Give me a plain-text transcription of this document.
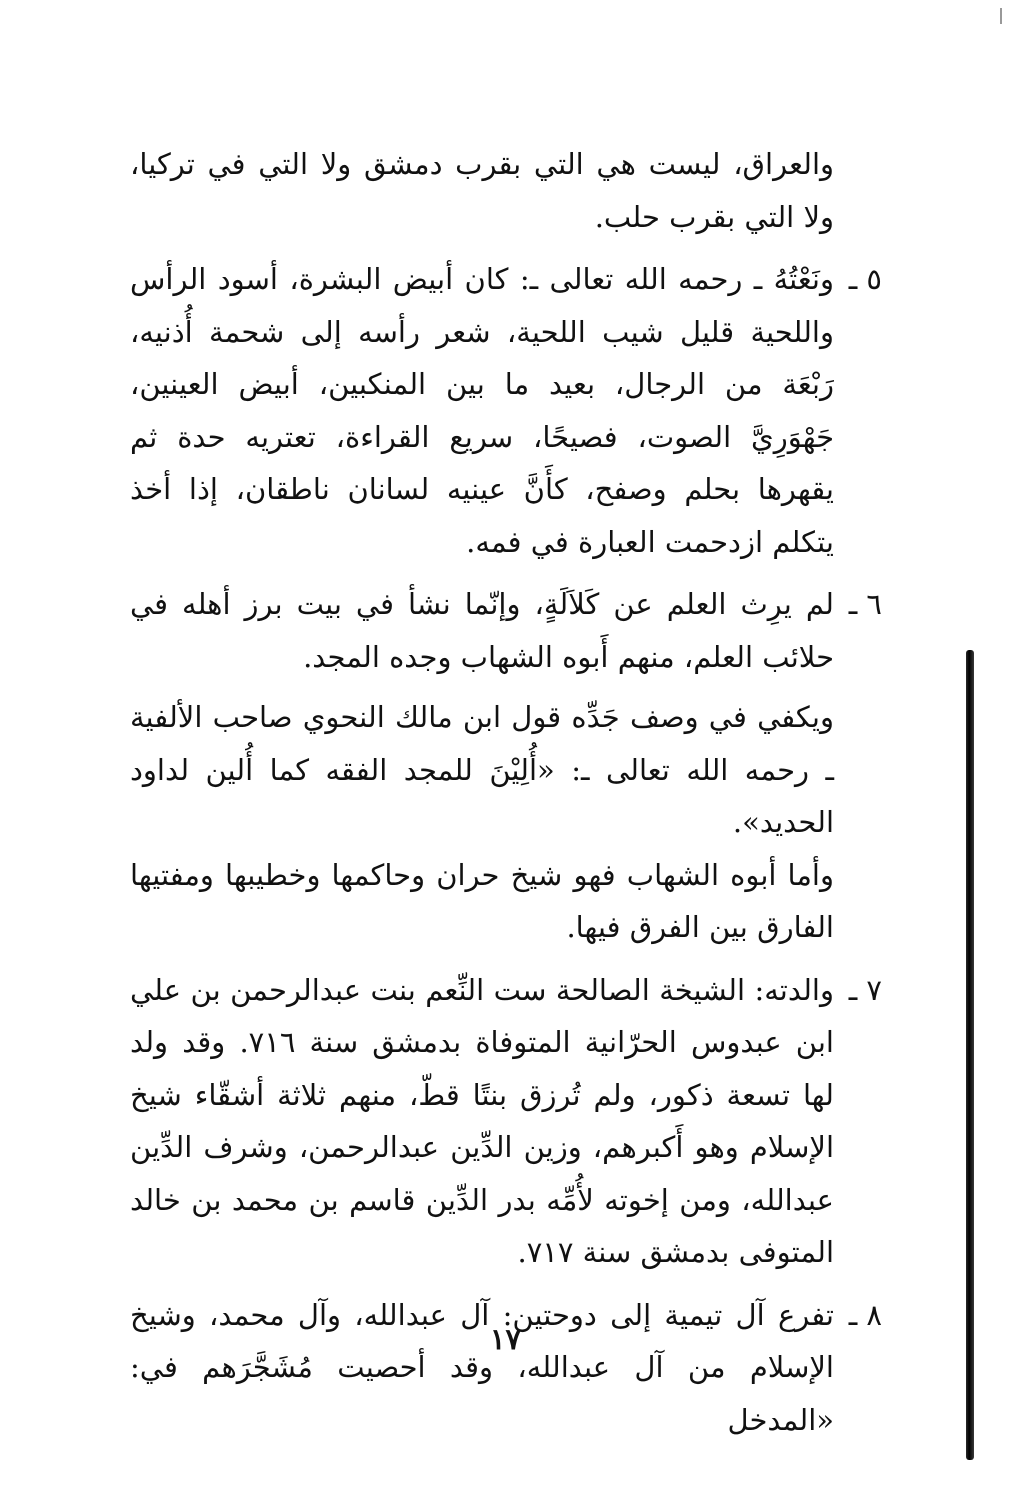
والعراق، ليست هي التي بقرب دمشق ولا التي في تركيا، ولا التي بقرب حلب.

٥ ـ

ونَعْتُهُ ـ رحمه الله تعالى ـ: كان أبيض البشرة، أسود الرأس واللحية قليل شيب اللحية، شعر رأسه إلى شحمة أُذنيه، رَبْعَة من الرجال، بعيد ما بين المنكبين، أبيض العينين، جَهْوَرِيَّ الصوت، فصيحًا، سريع القراءة، تعتريه حدة ثم يقهرها بحلم وصفح، كأَنَّ عينيه لسانان ناطقان، إذا أخذ يتكلم ازدحمت العبارة في فمه.

٦ ـ

لم يرِث العلم عن كَلاَلَةٍ، وإنّما نشأ في بيت برز أهله في حلائب العلم، منهم أَبوه الشهاب وجده المجد.

ويكفي في وصف جَدِّه قول ابن مالك النحوي صاحب الألفية ـ رحمه الله تعالى ـ: «أُلِيْنَ للمجد الفقه كما أُلين لداود الحديد».

وأما أبوه الشهاب فهو شيخ حران وحاكمها وخطيبها ومفتيها الفارق بين الفرق فيها.

٧ ـ

والدته: الشيخة الصالحة ست النِّعم بنت عبدالرحمن بن علي ابن عبدوس الحرّانية المتوفاة بدمشق سنة ٧١٦. وقد ولد لها تسعة ذكور، ولم تُرزق بنتًا قطّ، منهم ثلاثة أشقّاء شيخ الإسلام وهو أَكبرهم، وزين الدِّين عبدالرحمن، وشرف الدِّين عبدالله، ومن إخوته لأُمِّه بدر الدِّين قاسم بن محمد بن خالد المتوفى بدمشق سنة ٧١٧.

٨ ـ

تفرع آل تيمية إلى دوحتين: آل عبدالله، وآل محمد، وشيخ الإسلام من آل عبدالله، وقد أحصيت مُشَجَّرَهم في: «المدخل

١٧
